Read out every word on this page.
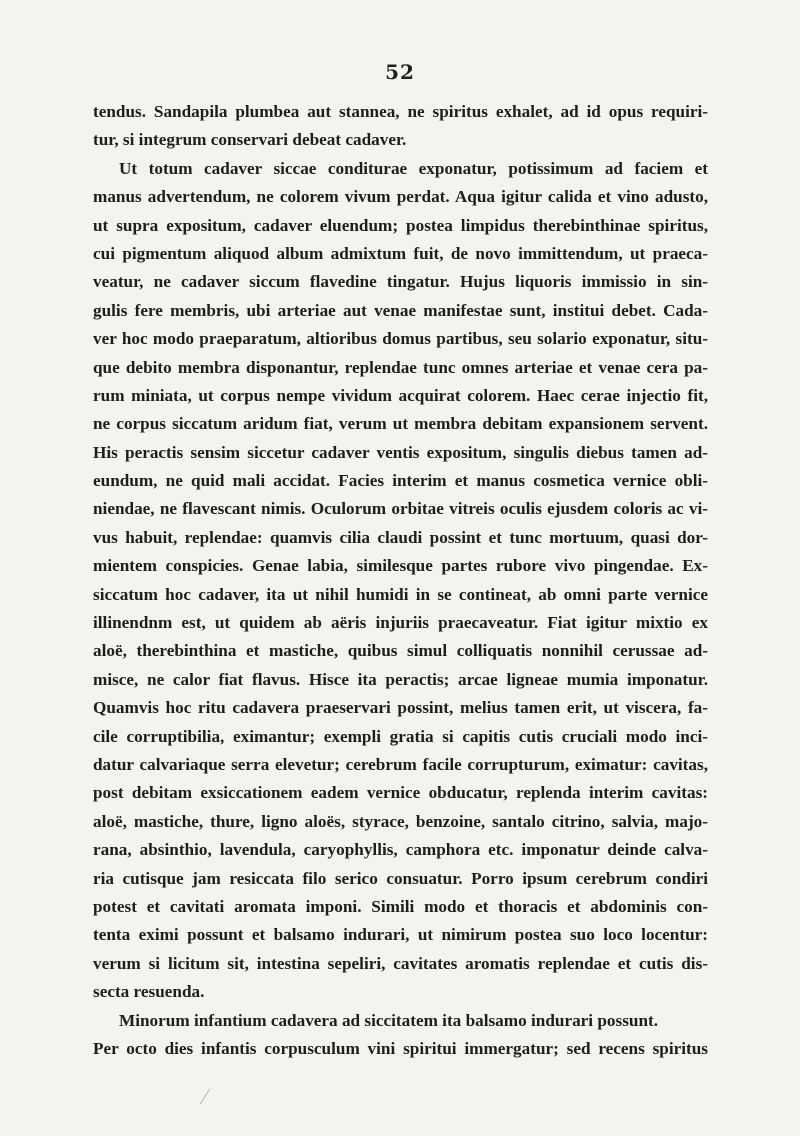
52
tendus. Sandapila plumbea aut stannea, ne spiritus exhalet, ad id opus requiri-
tur, si integrum conservari debeat cadaver.
Ut totum cadaver siccae conditurae exponatur, potissimum ad faciem et
manus advertendum, ne colorem vivum perdat. Aqua igitur calida et vino adusto,
ut supra expositum, cadaver eluendum; postea limpidus therebinthinae spiritus,
cui pigmentum aliquod album admixtum fuit, de novo immittendum, ut praeca-
veatur, ne cadaver siccum flavedine tingatur. Hujus liquoris immissio in sin-
gulis fere membris, ubi arteriae aut venae manifestae sunt, institui debet. Cada-
ver hoc modo praeparatum, altioribus domus partibus, seu solario exponatur, situ-
que debito membra disponantur, replendae tunc omnes arteriae et venae cera pa-
rum miniata, ut corpus nempe vividum acquirat colorem. Haec cerae injectio fit,
ne corpus siccatum aridum fiat, verum ut membra debitam expansionem servent.
His peractis sensim siccetur cadaver ventis expositum, singulis diebus tamen ad-
eundum, ne quid mali accidat. Facies interim et manus cosmetica vernice obli-
niendae, ne flavescant nimis. Oculorum orbitae vitreis oculis ejusdem coloris ac vi-
vus habuit, replendae: quamvis cilia claudi possint et tunc mortuum, quasi dor-
mientem conspicies. Genae labia, similesque partes rubore vivo pingendae. Ex-
siccatum hoc cadaver, ita ut nihil humidi in se contineat, ab omni parte vernice
illinendnm est, ut quidem ab aëris injuriis praecaveatur. Fiat igitur mixtio ex
aloë, therebinthina et mastiche, quibus simul colliquatis nonnihil cerussae ad-
misce, ne calor fiat flavus. Hisce ita peractis; arcae ligneae mumia imponatur.
Quamvis hoc ritu cadavera praeservari possint, melius tamen erit, ut viscera, fa-
cile corruptibilia, eximantur; exempli gratia si capitis cutis cruciali modo inci-
datur calvariaque serra elevetur; cerebrum facile corrupturum, eximatur: cavitas,
post debitam exsiccationem eadem vernice obducatur, replenda interim cavitas:
aloë, mastiche, thure, ligno aloës, styrace, benzoine, santalo citrino, salvia, majo-
rana, absinthio, lavendula, caryophyllis, camphora etc. imponatur deinde calva-
ria cutisque jam resiccata filo serico consuatur. Porro ipsum cerebrum condiri
potest et cavitati aromata imponi. Simili modo et thoracis et abdominis con-
tenta eximi possunt et balsamo indurari, ut nimirum postea suo loco locentur:
verum si licitum sit, intestina sepeliri, cavitates aromatis replendae et cutis dis-
secta resuenda.
Minorum infantium cadavera ad siccitatem ita balsamo indurari possunt.
Per octo dies infantis corpusculum vini spiritui immergatur; sed recens spiritus
